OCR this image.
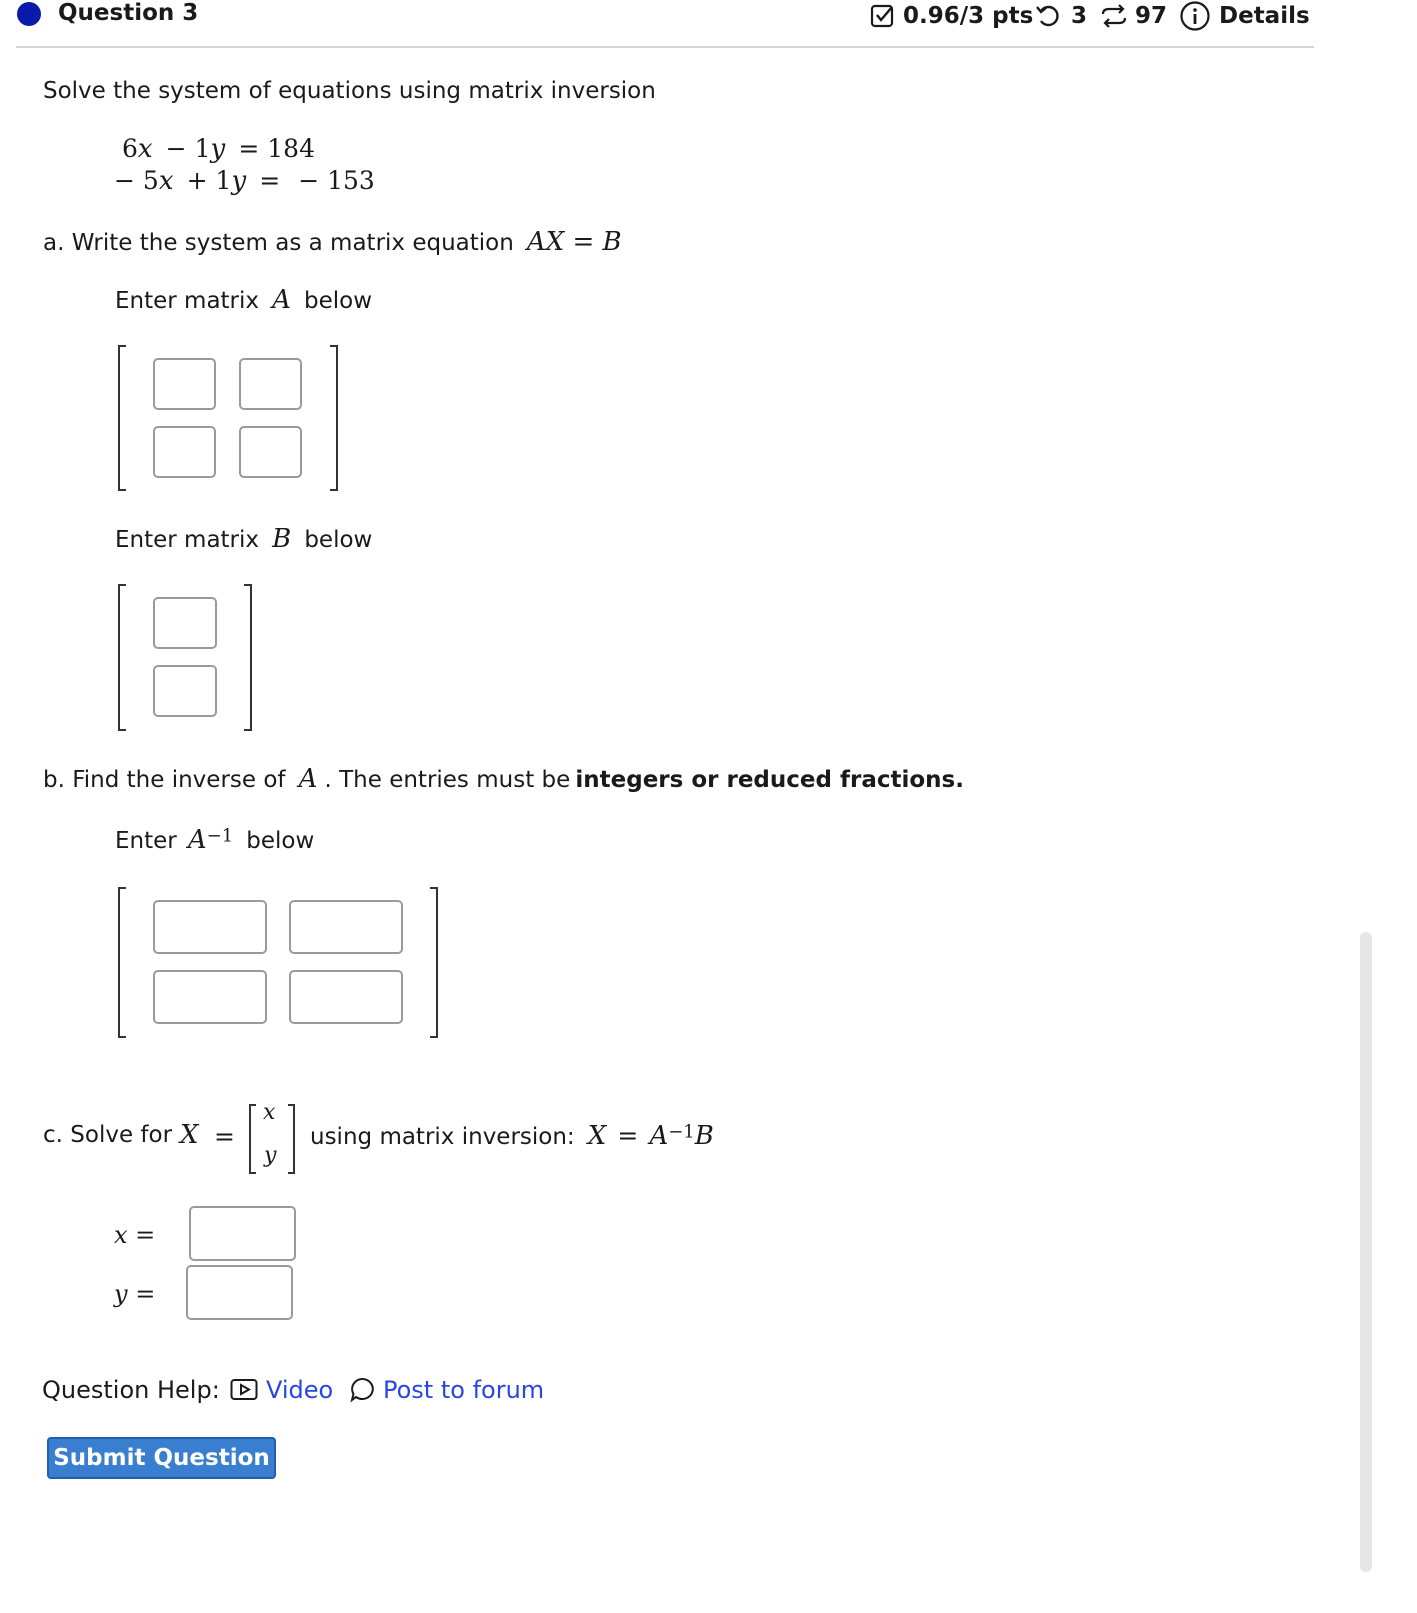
Question 3	0.96/3 pts 3 97 Details
Solve the system of equations using matrix inversion
6x − 1y = 184
− 5x + 1y = − 153
a. Write the system as a matrix equation AX = B
Enter matrix A below
Enter matrix B below
b. Find the inverse of A . The entries must be integers or reduced fractions.
Enter $A^{-1}$ below
c. Solve for X =
x
y
using matrix inversion: $X = A^{-1}B$
x =
y =
Question Help: Video Post to forum
Submit Question
